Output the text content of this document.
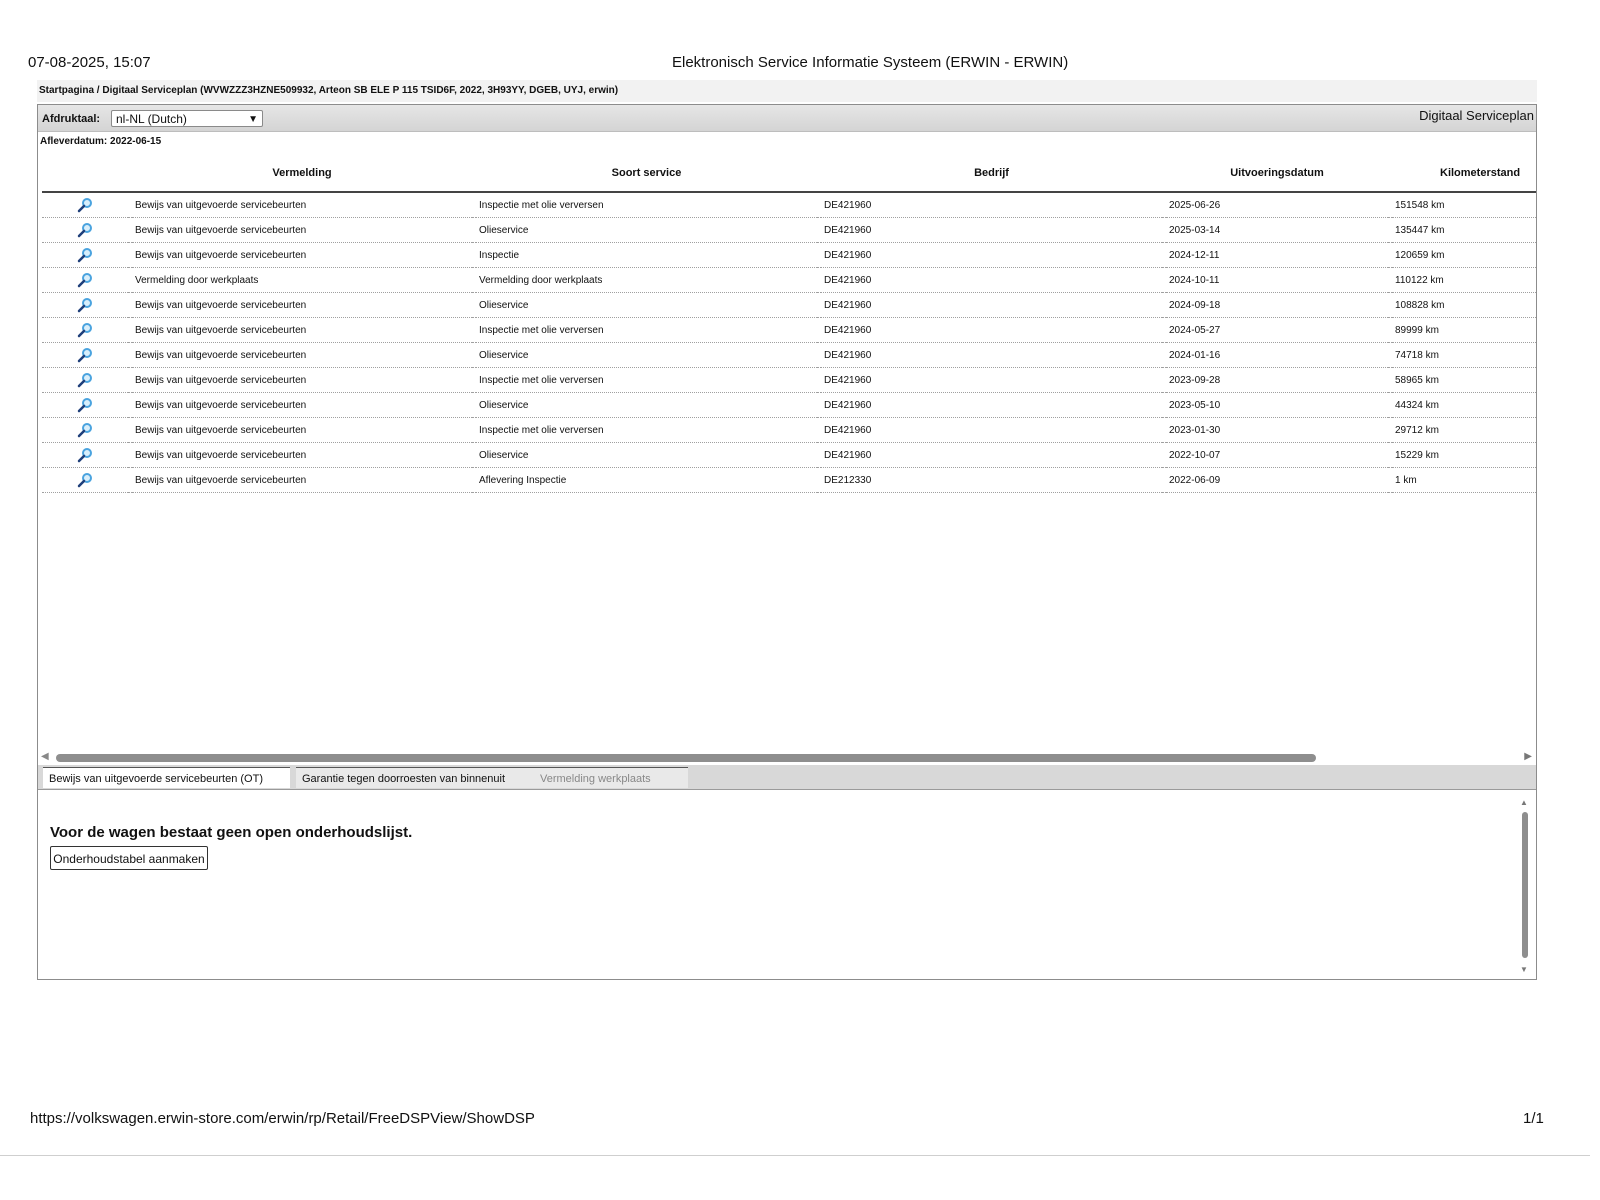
07-08-2025, 15:07	Elektronisch Service Informatie Systeem (ERWIN - ERWIN)
Startpagina / Digitaal Serviceplan (WVWZZZ3HZNE509932, Arteon SB ELE P 115 TSID6F, 2022, 3H93YY, DGEB, UYJ, erwin)
Afdruktaal:	nl-NL (Dutch)	▼	Digitaal Serviceplan
Afleverdatum: 2022-06-15
		Vermelding		Soort service		Bedrijf		Uitvoeringsdatum		Kilometerstand
		Bewijs van uitgevoerde servicebeurten		Inspectie met olie verversen		DE421960		2025-06-26		151548 km
		Bewijs van uitgevoerde servicebeurten		Olieservice		DE421960		2025-03-14		135447 km
		Bewijs van uitgevoerde servicebeurten		Inspectie		DE421960		2024-12-11		120659 km
		Vermelding door werkplaats		Vermelding door werkplaats		DE421960		2024-10-11		110122 km
		Bewijs van uitgevoerde servicebeurten		Olieservice		DE421960		2024-09-18		108828 km
		Bewijs van uitgevoerde servicebeurten		Inspectie met olie verversen		DE421960		2024-05-27		89999 km
		Bewijs van uitgevoerde servicebeurten		Olieservice		DE421960		2024-01-16		74718 km
		Bewijs van uitgevoerde servicebeurten		Inspectie met olie verversen		DE421960		2023-09-28		58965 km
		Bewijs van uitgevoerde servicebeurten		Olieservice		DE421960		2023-05-10		44324 km
		Bewijs van uitgevoerde servicebeurten		Inspectie met olie verversen		DE421960		2023-01-30		29712 km
		Bewijs van uitgevoerde servicebeurten		Olieservice		DE421960		2022-10-07		15229 km
		Bewijs van uitgevoerde servicebeurten		Aflevering Inspectie		DE212330		2022-06-09		1 km
◀	▶
Bewijs van uitgevoerde servicebeurten (OT)	Garantie tegen doorroesten van binnenuit	Vermelding werkplaats
Voor de wagen bestaat geen open onderhoudslijst.
Onderhoudstabel aanmaken
▲
▼
https://volkswagen.erwin-store.com/erwin/rp/Retail/FreeDSPView/ShowDSP	1/1
